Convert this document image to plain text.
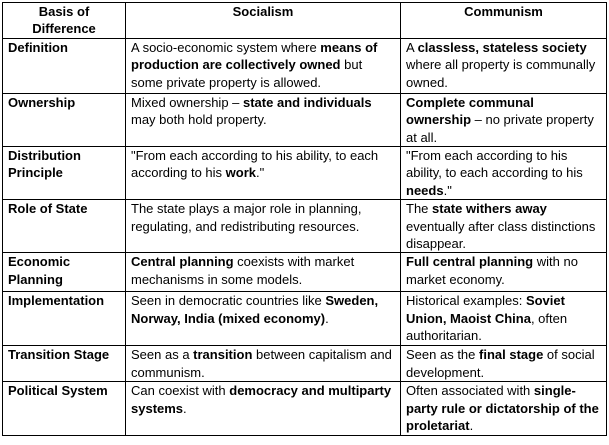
Basis of Difference	Socialism	Communism
Definition	A socio-economic system where means of production are collectively owned but some private property is allowed.	A classless, stateless society where all property is communally owned.
Ownership	Mixed ownership – state and individuals may both hold property.	Complete communal ownership – no private property at all.
Distribution Principle	"From each according to his ability, to each according to his work."	"From each according to his ability, to each according to his needs."
Role of State	The state plays a major role in planning, regulating, and redistributing resources.	The state withers away eventually after class distinctions disappear.
Economic Planning	Central planning coexists with market mechanisms in some models.	Full central planning with no market economy.
Implementation	Seen in democratic countries like Sweden, Norway, India (mixed economy).	Historical examples: Soviet Union, Maoist China, often authoritarian.
Transition Stage	Seen as a transition between capitalism and communism.	Seen as the final stage of social development.
Political System	Can coexist with democracy and multiparty systems.	Often associated with single-party rule or dictatorship of the proletariat.
